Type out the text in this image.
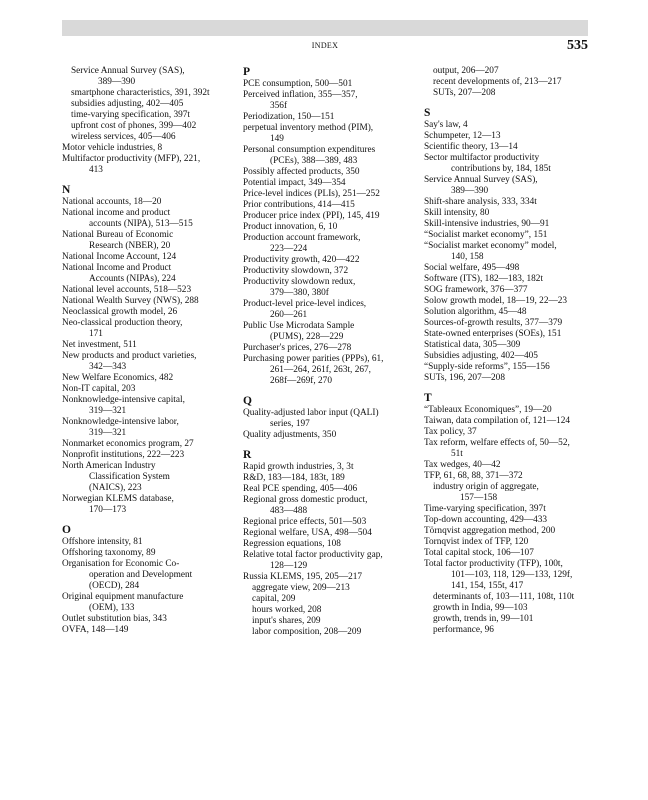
INDEX	535
Service Annual Survey (SAS),
389—390
smartphone characteristics, 391, 392t
subsidies adjusting, 402—405
time-varying specification, 397t
upfront cost of phones, 399—402
wireless services, 405—406
Motor vehicle industries, 8
Multifactor productivity (MFP), 221,
413
N
National accounts, 18—20
National income and product
accounts (NIPA), 513—515
National Bureau of Economic
Research (NBER), 20
National Income Account, 124
National Income and Product
Accounts (NIPAs), 224
National level accounts, 518—523
National Wealth Survey (NWS), 288
Neoclassical growth model, 26
Neo-classical production theory,
171
Net investment, 511
New products and product varieties,
342—343
New Welfare Economics, 482
Non-IT capital, 203
Nonknowledge-intensive capital,
319—321
Nonknowledge-intensive labor,
319—321
Nonmarket economics program, 27
Nonprofit institutions, 222—223
North American Industry
Classification System
(NAICS), 223
Norwegian KLEMS database,
170—173
O
Offshore intensity, 81
Offshoring taxonomy, 89
Organisation for Economic Co-
operation and Development
(OECD), 284
Original equipment manufacture
(OEM), 133
Outlet substitution bias, 343
OVFA, 148—149
P
PCE consumption, 500—501
Perceived inflation, 355—357,
356f
Periodization, 150—151
perpetual inventory method (PIM),
149
Personal consumption expenditures
(PCEs), 388—389, 483
Possibly affected products, 350
Potential impact, 349—354
Price-level indices (PLIs), 251—252
Prior contributions, 414—415
Producer price index (PPI), 145, 419
Product innovation, 6, 10
Production account framework,
223—224
Productivity growth, 420—422
Productivity slowdown, 372
Productivity slowdown redux,
379—380, 380f
Product-level price-level indices,
260—261
Public Use Microdata Sample
(PUMS), 228—229
Purchaser's prices, 276—278
Purchasing power parities (PPPs), 61,
261—264, 261f, 263t, 267,
268f—269f, 270
Q
Quality-adjusted labor input (QALI)
series, 197
Quality adjustments, 350
R
Rapid growth industries, 3, 3t
R&D, 183—184, 183t, 189
Real PCE spending, 405—406
Regional gross domestic product,
483—488
Regional price effects, 501—503
Regional welfare, USA, 498—504
Regression equations, 108
Relative total factor productivity gap,
128—129
Russia KLEMS, 195, 205—217
aggregate view, 209—213
capital, 209
hours worked, 208
input's shares, 209
labor composition, 208—209
output, 206—207
recent developments of, 213—217
SUTs, 207—208
S
Say's law, 4
Schumpeter, 12—13
Scientific theory, 13—14
Sector multifactor productivity
contributions by, 184, 185t
Service Annual Survey (SAS),
389—390
Shift-share analysis, 333, 334t
Skill intensity, 80
Skill-intensive industries, 90—91
“Socialist market economy”, 151
“Socialist market economy” model,
140, 158
Social welfare, 495—498
Software (ITS), 182—183, 182t
SOG framework, 376—377
Solow growth model, 18—19, 22—23
Solution algorithm, 45—48
Sources-of-growth results, 377—379
State-owned enterprises (SOEs), 151
Statistical data, 305—309
Subsidies adjusting, 402—405
“Supply-side reforms”, 155—156
SUTs, 196, 207—208
T
“Tableaux Economiques”, 19—20
Taiwan, data compilation of, 121—124
Tax policy, 37
Tax reform, welfare effects of, 50—52,
51t
Tax wedges, 40—42
TFP, 61, 68, 88, 371—372
industry origin of aggregate,
157—158
Time-varying specification, 397t
Top-down accounting, 429—433
Törnqvist aggregation method, 200
Tornqvist index of TFP, 120
Total capital stock, 106—107
Total factor productivity (TFP), 100t,
101—103, 118, 129—133, 129f,
141, 154, 155t, 417
determinants of, 103—111, 108t, 110t
growth in India, 99—103
growth, trends in, 99—101
performance, 96
